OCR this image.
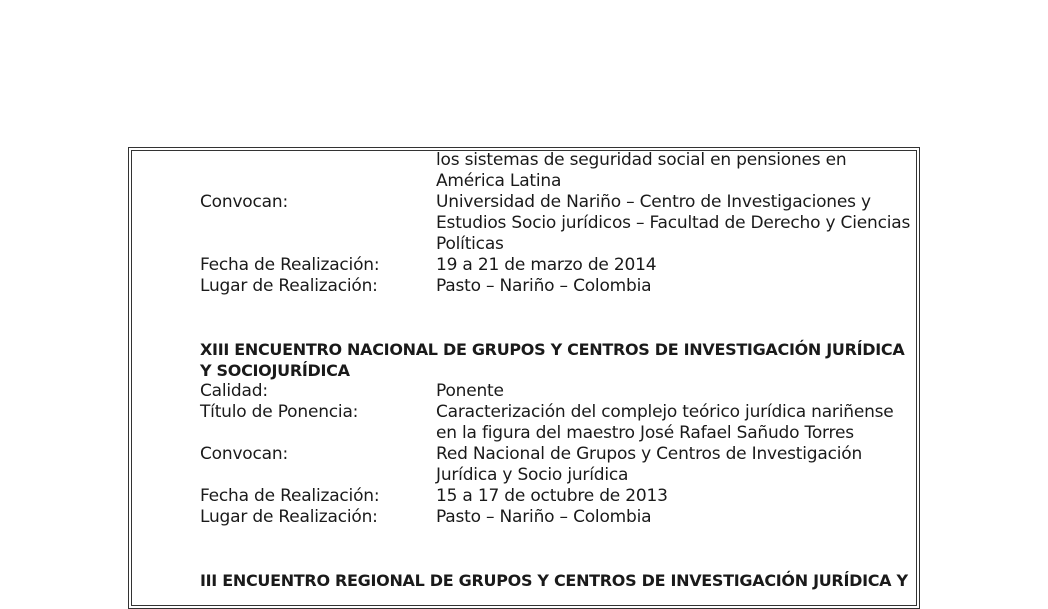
los sistemas de seguridad social en pensiones en América Latina
Convocan:	Universidad de Nariño – Centro de Investigaciones y Estudios Socio jurídicos – Facultad de Derecho y Ciencias Políticas
Fecha de Realización:	19 a 21 de marzo de 2014
Lugar de Realización:	Pasto – Nariño – Colombia
XIII ENCUENTRO NACIONAL DE GRUPOS Y CENTROS DE INVESTIGACIÓN JURÍDICA Y SOCIOJURÍDICA
Calidad:	Ponente
Título de Ponencia:	Caracterización del complejo teórico jurídica nariñense en la figura del maestro José Rafael Sañudo Torres
Convocan:	Red Nacional de Grupos y Centros de Investigación Jurídica y Socio jurídica
Fecha de Realización:	15 a 17 de octubre de 2013
Lugar de Realización:	Pasto – Nariño – Colombia
III ENCUENTRO REGIONAL DE GRUPOS Y CENTROS DE INVESTIGACIÓN JURÍDICA Y
